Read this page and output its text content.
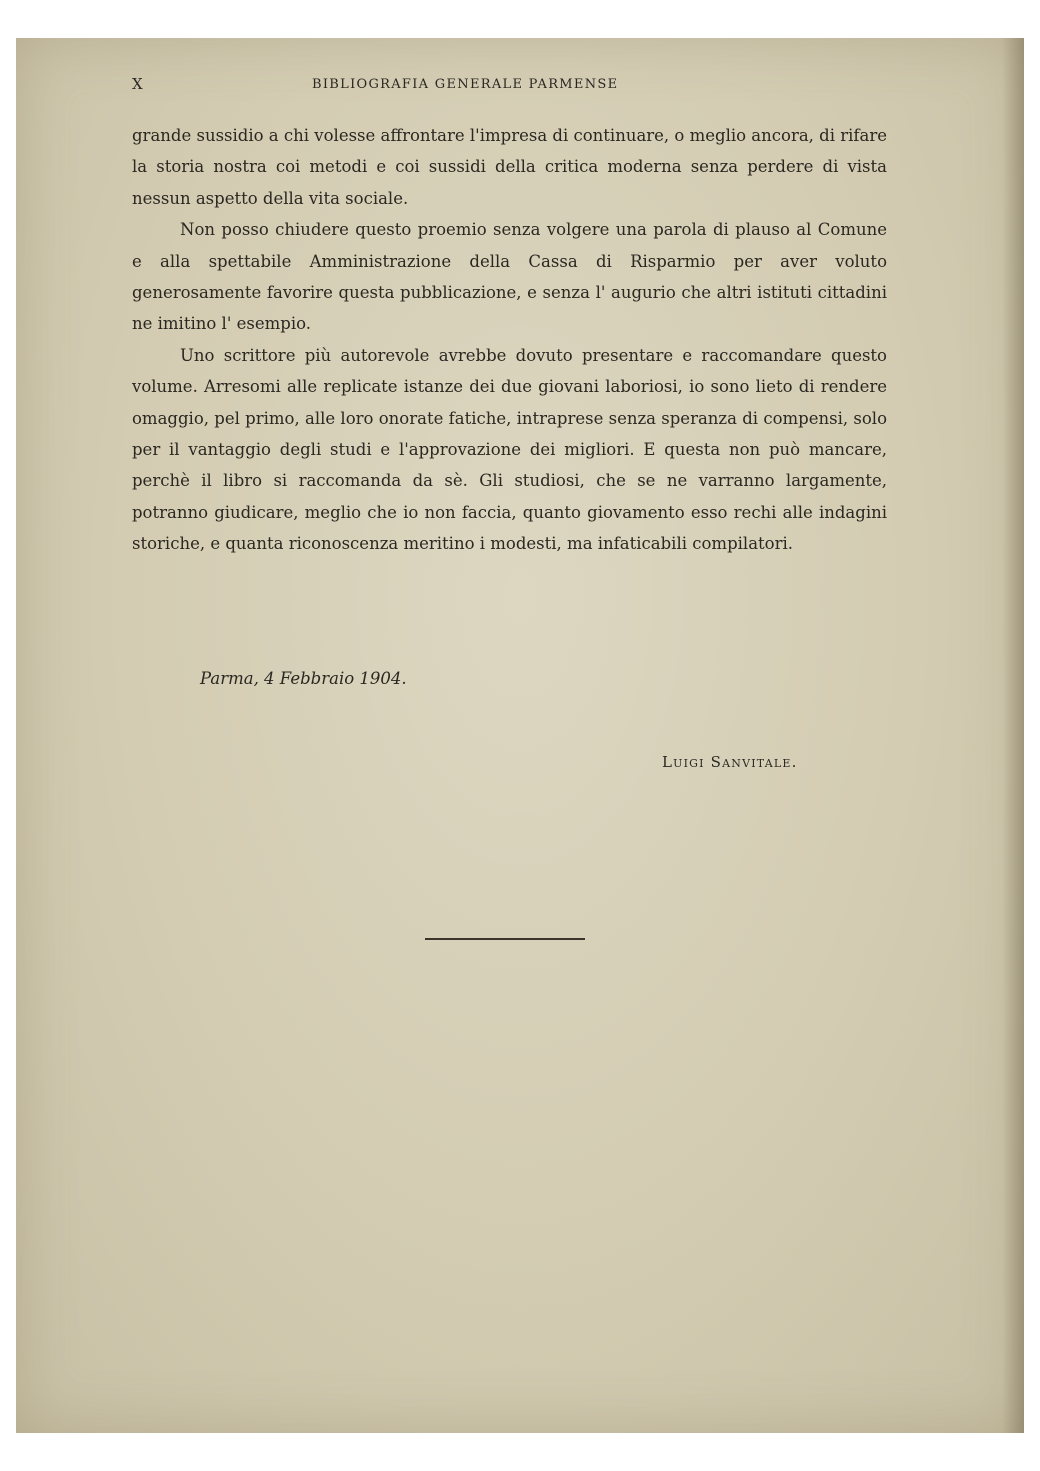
X	BIBLIOGRAFIA GENERALE PARMENSE

grande sussidio a chi volesse affrontare l'impresa di continuare, o meglio ancora, di rifare la storia nostra coi metodi e coi sussidi della critica moderna senza perdere di vista nessun aspetto della vita sociale.

Non posso chiudere questo proemio senza volgere una parola di plauso al Comune e alla spettabile Amministrazione della Cassa di Risparmio per aver voluto generosamente favorire questa pubblicazione, e senza l' augurio che altri istituti cittadini ne imitino l' esempio.

Uno scrittore più autorevole avrebbe dovuto presentare e raccomandare questo volume. Arresomi alle replicate istanze dei due giovani laboriosi, io sono lieto di rendere omaggio, pel primo, alle loro onorate fatiche, intraprese senza speranza di compensi, solo per il vantaggio degli studi e l'approvazione dei migliori. E questa non può mancare, perchè il libro si raccomanda da sè. Gli studiosi, che se ne varranno largamente, potranno giudicare, meglio che io non faccia, quanto giovamento esso rechi alle indagini storiche, e quanta riconoscenza meritino i modesti, ma infaticabili compilatori.

Parma, 4 Febbraio 1904.
Luigi Sanvitale.
